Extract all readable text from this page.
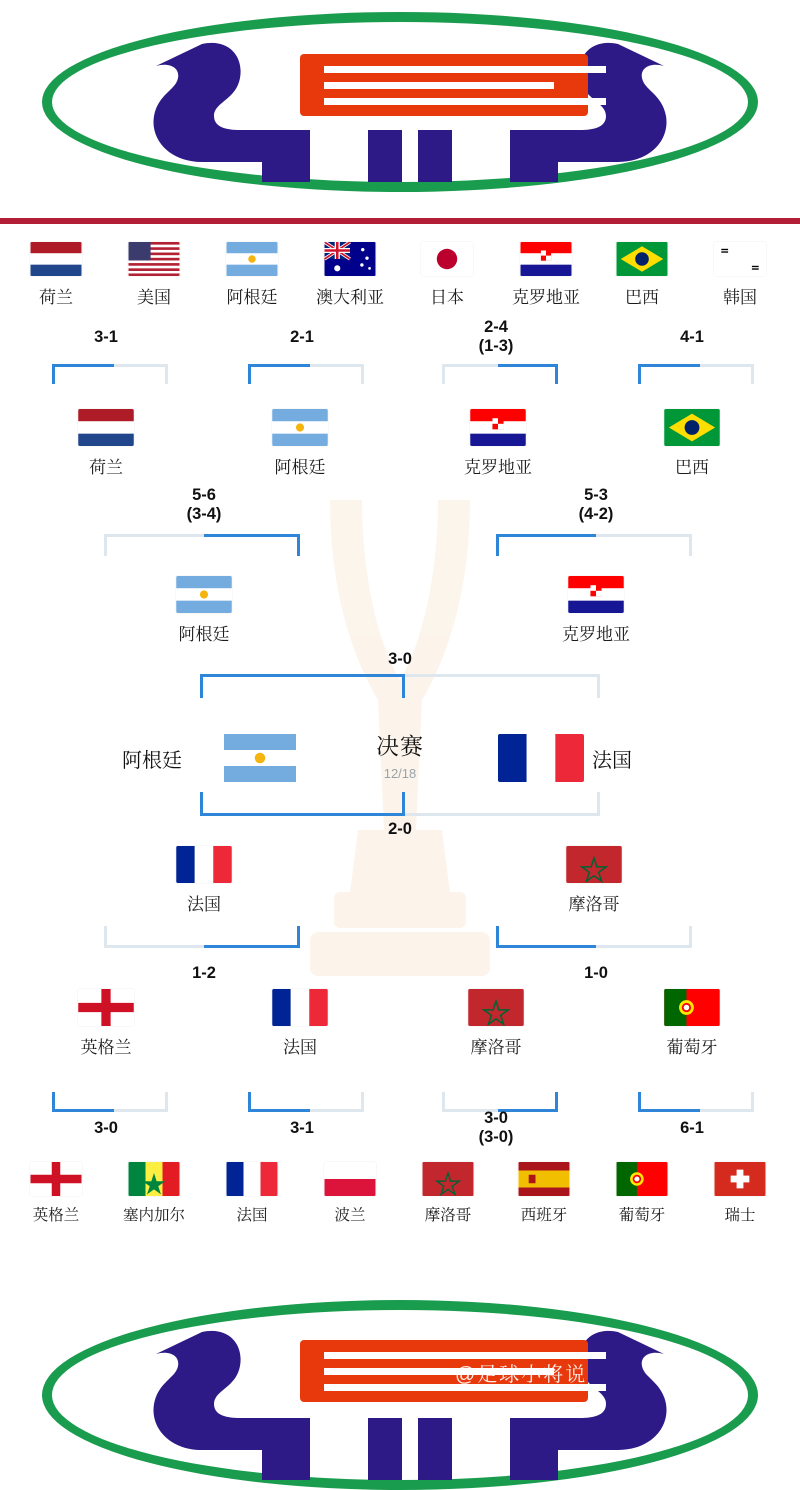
荷兰	美国	阿根廷	澳大利亚	日本	克罗地亚	巴西	韩国
3-1	2-1
2-4
(1-3)
4-1
荷兰	阿根廷	克罗地亚	巴西
5-6
(3-4)
5-3
(4-2)
阿根廷	克罗地亚
3-0
决赛
12/18
阿根廷	法国
2-0
法国	摩洛哥
1-2	1-0
英格兰	法国	摩洛哥	葡萄牙
3-0	3-1
3-0
(3-0)
6-1
英格兰	塞内加尔	法国	波兰	摩洛哥	西班牙	葡萄牙	瑞士
@足球小将说
